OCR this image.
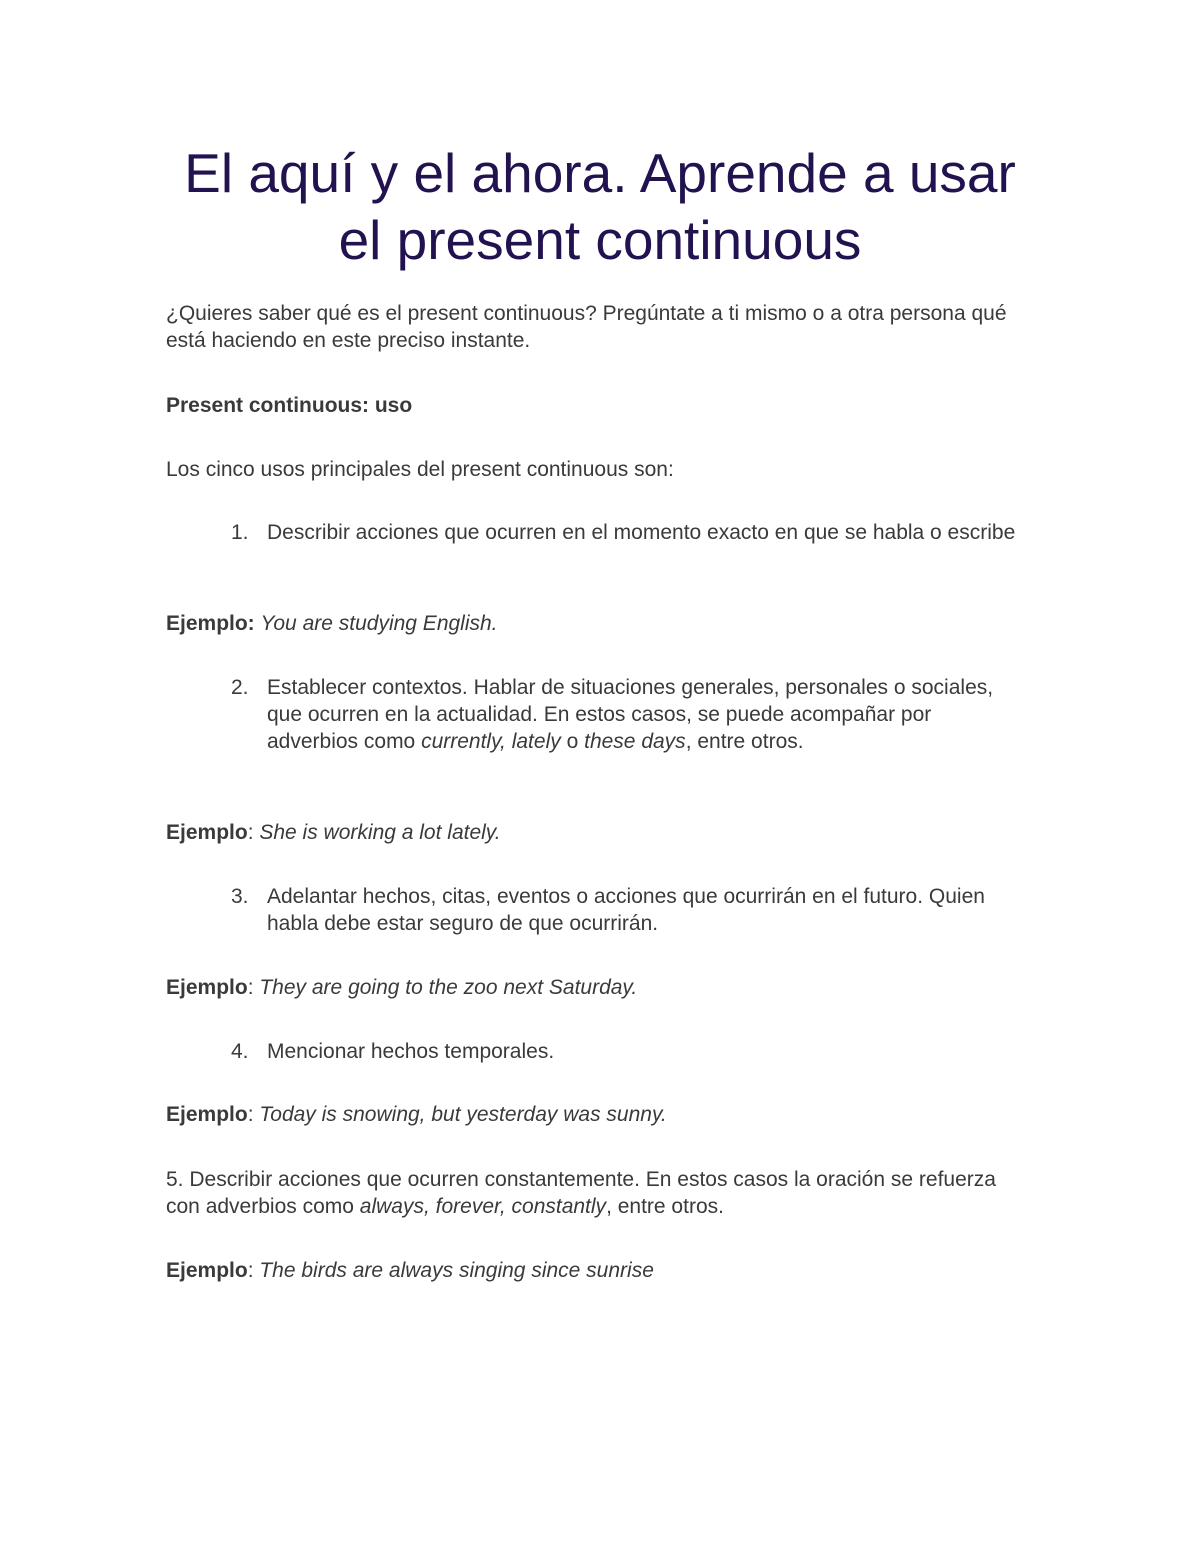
El aquí y el ahora. Aprende a usar el present continuous

¿Quieres saber qué es el present continuous? Pregúntate a ti mismo o a otra persona qué está haciendo en este preciso instante.

Present continuous: uso

Los cinco usos principales del present continuous son:

1. Describir acciones que ocurren en el momento exacto en que se habla o escribe

Ejemplo: You are studying English.

2. Establecer contextos. Hablar de situaciones generales, personales o sociales, que ocurren en la actualidad. En estos casos, se puede acompañar por adverbios como currently, lately o these days, entre otros.

Ejemplo: She is working a lot lately.

3. Adelantar hechos, citas, eventos o acciones que ocurrirán en el futuro. Quien habla debe estar seguro de que ocurrirán.

Ejemplo: They are going to the zoo next Saturday.

4. Mencionar hechos temporales.

Ejemplo: Today is snowing, but yesterday was sunny.

5. Describir acciones que ocurren constantemente. En estos casos la oración se refuerza con adverbios como always, forever, constantly, entre otros.

Ejemplo: The birds are always singing since sunrise
